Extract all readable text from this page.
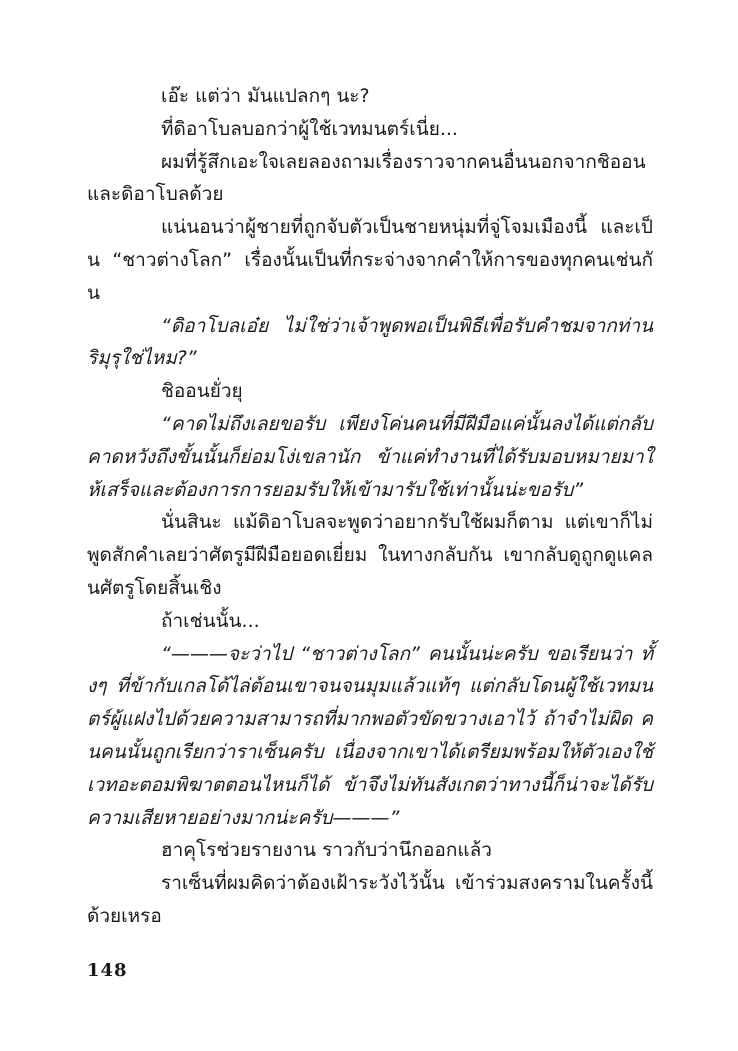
เอ๊ะ แต่ว่า มันแปลกๆ นะ?

ที่ดิอาโบลบอกว่าผู้ใช้เวทมนตร์เนี่ย...

ผมที่รู้สึกเอะใจเลยลองถามเรื่องราวจากคนอื่นนอกจากชิออนและดิอาโบลด้วย

แน่นอนว่าผู้ชายที่ถูกจับตัวเป็นชายหนุ่มที่จู่โจมเมืองนี้ และเป็น “ชาวต่างโลก” เรื่องนั้นเป็นที่กระจ่างจากคำให้การของทุกคนเช่นกัน

“ดิอาโบลเอ๋ย ไม่ใช่ว่าเจ้าพูดพอเป็นพิธีเพื่อรับคำชมจากท่านริมุรุใช่ไหม?”

ชิออนยั่วยุ

“คาดไม่ถึงเลยขอรับ เพียงโค่นคนที่มีฝีมือแค่นั้นลงได้แต่กลับคาดหวังถึงขั้นนั้นก็ย่อมโง่เขลานัก ข้าแค่ทำงานที่ได้รับมอบหมายมาให้เสร็จและต้องการการยอมรับให้เข้ามารับใช้เท่านั้นน่ะขอรับ”

นั่นสินะ แม้ดิอาโบลจะพูดว่าอยากรับใช้ผมก็ตาม แต่เขาก็ไม่พูดสักคำเลยว่าศัตรูมีฝีมือยอดเยี่ยม ในทางกลับกัน เขากลับดูถูกดูแคลนศัตรูโดยสิ้นเชิง

ถ้าเช่นนั้น...

“———จะว่าไป “ชาวต่างโลก” คนนั้นน่ะครับ ขอเรียนว่า ทั้งๆ ที่ข้ากับเกลโด้ไล่ต้อนเขาจนจนมุมแล้วแท้ๆ แต่กลับโดนผู้ใช้เวทมนตร์ผู้แฝงไปด้วยความสามารถที่มากพอตัวขัดขวางเอาไว้ ถ้าจำไม่ผิด คนคนนั้นถูกเรียกว่าราเซ็นครับ เนื่องจากเขาได้เตรียมพร้อมให้ตัวเองใช้เวทอะตอมพิฆาตตอนไหนก็ได้ ข้าจึงไม่ทันสังเกตว่าทางนี้ก็น่าจะได้รับความเสียหายอย่างมากน่ะครับ———”

ฮาคุโรช่วยรายงาน ราวกับว่านึกออกแล้ว

ราเซ็นที่ผมคิดว่าต้องเฝ้าระวังไว้นั้น เข้าร่วมสงครามในครั้งนี้ด้วยเหรอ

148
